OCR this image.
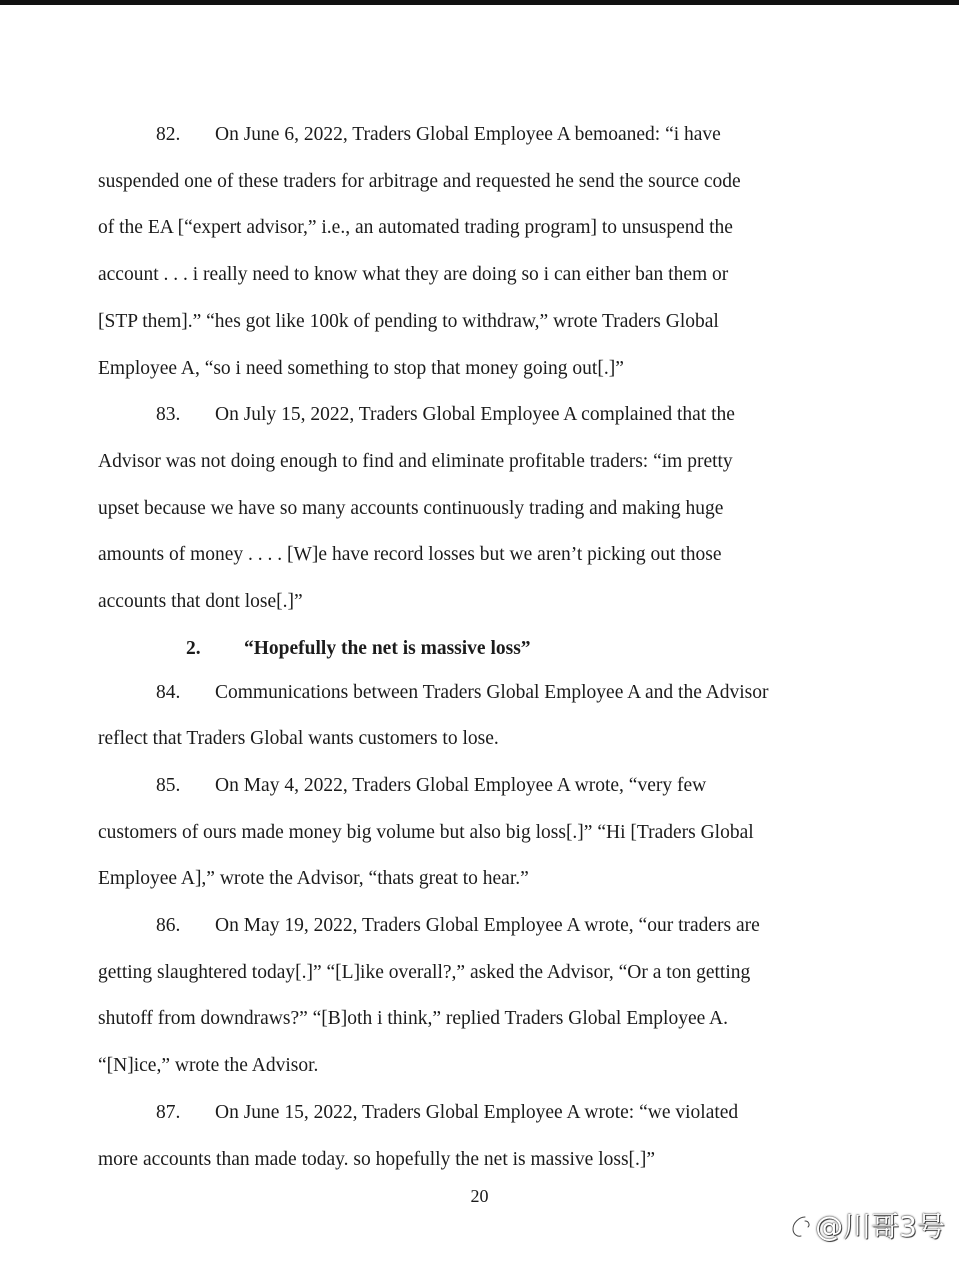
82. On June 6, 2022, Traders Global Employee A bemoaned: “i have
suspended one of these traders for arbitrage and requested he send the source code
of the EA [“expert advisor,” i.e., an automated trading program] to unsuspend the
account . . . i really need to know what they are doing so i can either ban them or
[STP them].” “hes got like 100k of pending to withdraw,” wrote Traders Global
Employee A, “so i need something to stop that money going out[.]”
83. On July 15, 2022, Traders Global Employee A complained that the
Advisor was not doing enough to find and eliminate profitable traders: “im pretty
upset because we have so many accounts continuously trading and making huge
amounts of money . . . . [W]e have record losses but we aren’t picking out those
accounts that dont lose[.]”
2. “Hopefully the net is massive loss”
84. Communications between Traders Global Employee A and the Advisor
reflect that Traders Global wants customers to lose.
85. On May 4, 2022, Traders Global Employee A wrote, “very few
customers of ours made money big volume but also big loss[.]” “Hi [Traders Global
Employee A],” wrote the Advisor, “thats great to hear.”
86. On May 19, 2022, Traders Global Employee A wrote, “our traders are
getting slaughtered today[.]” “[L]ike overall?,” asked the Advisor, “Or a ton getting
shutoff from downdraws?” “[B]oth i think,” replied Traders Global Employee A.
“[N]ice,” wrote the Advisor.
87. On June 15, 2022, Traders Global Employee A wrote: “we violated
more accounts than made today. so hopefully the net is massive loss[.]”
20
@川哥3号
